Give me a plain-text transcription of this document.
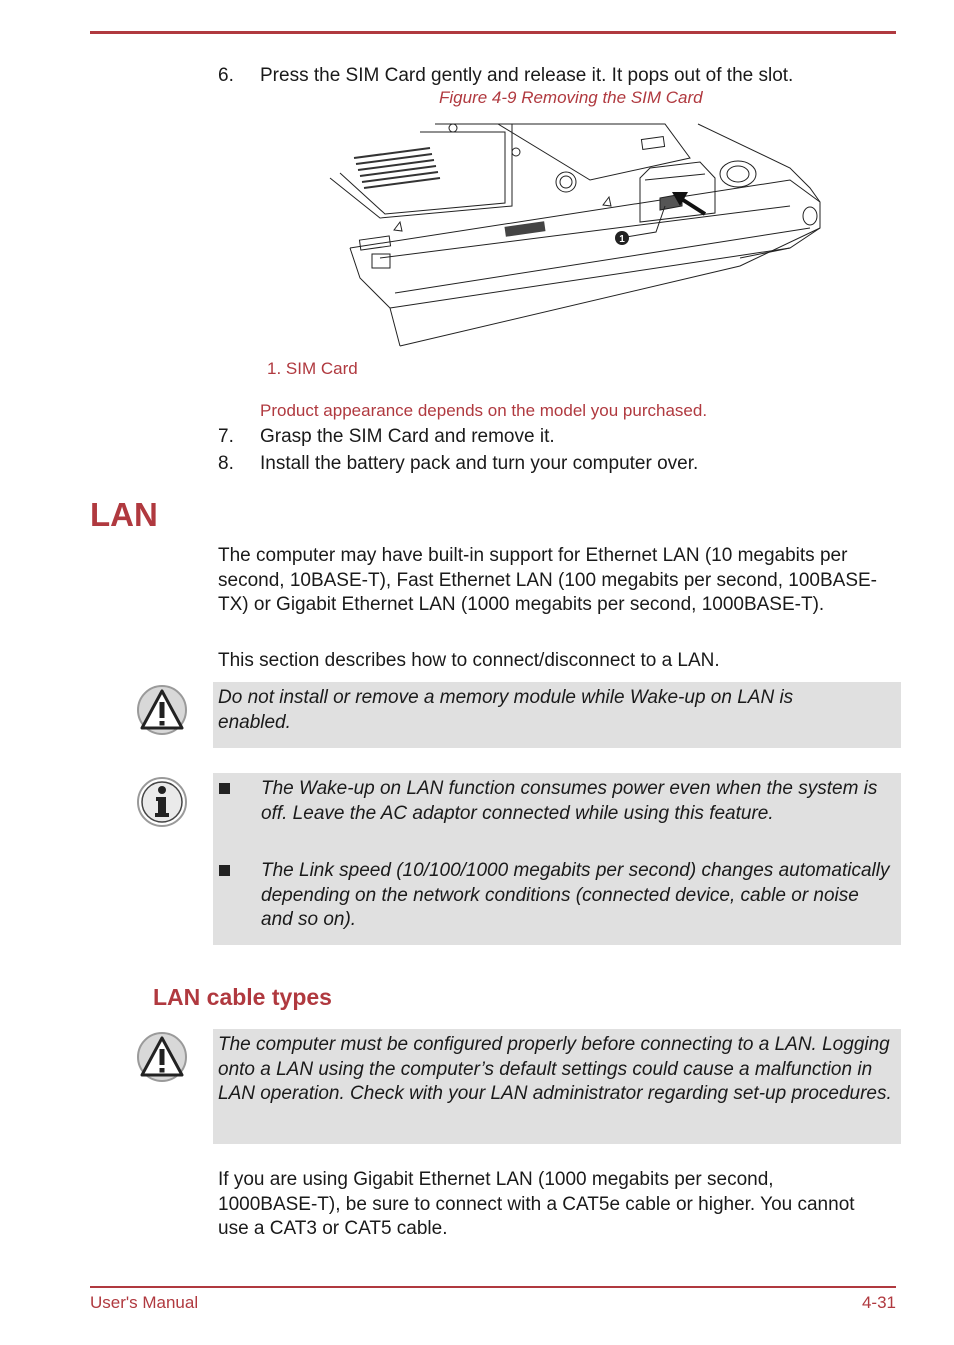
6. Press the SIM Card gently and release it. It pops out of the slot.
Figure 4-9 Removing the SIM Card
1
1. SIM Card
Product appearance depends on the model you purchased.
7. Grasp the SIM Card and remove it.
8. Install the battery pack and turn your computer over.
LAN
The computer may have built-in support for Ethernet LAN (10 megabits per second, 10BASE-T), Fast Ethernet LAN (100 megabits per second, 100BASE-TX) or Gigabit Ethernet LAN (1000 megabits per second, 1000BASE-T).
This section describes how to connect/disconnect to a LAN.
Do not install or remove a memory module while Wake-up on LAN is enabled.
The Wake-up on LAN function consumes power even when the system is off. Leave the AC adaptor connected while using this feature.
The Link speed (10/100/1000 megabits per second) changes automatically depending on the network conditions (connected device, cable or noise and so on).
LAN cable types
The computer must be configured properly before connecting to a LAN. Logging onto a LAN using the computer’s default settings could cause a malfunction in LAN operation. Check with your LAN administrator regarding set-up procedures.
If you are using Gigabit Ethernet LAN (1000 megabits per second, 1000BASE-T), be sure to connect with a CAT5e cable or higher. You cannot use a CAT3 or CAT5 cable.
User's Manual	4-31
